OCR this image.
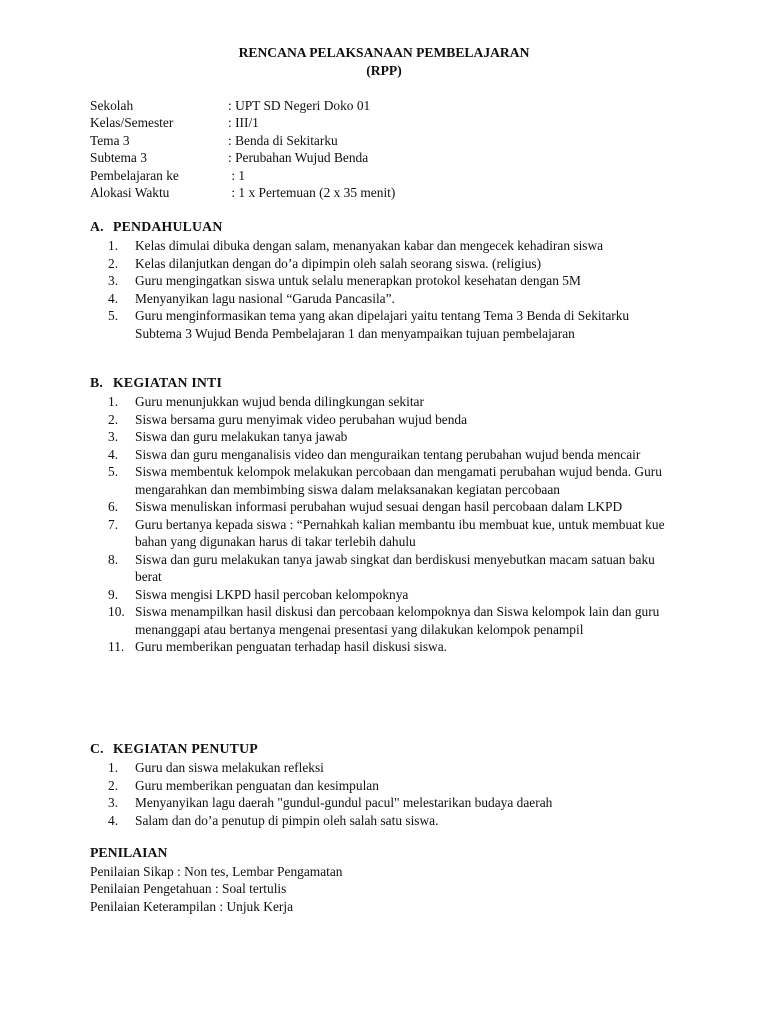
RENCANA PELAKSANAAN PEMBELAJARAN
(RPP)
Sekolah	: UPT SD Negeri Doko 01
Kelas/Semester	: III/1
Tema 3	: Benda di Sekitarku
Subtema 3	: Perubahan Wujud Benda
Pembelajaran ke	: 1
Alokasi Waktu	: 1 x Pertemuan (2 x 35 menit)
A. PENDAHULUAN
1.	Kelas dimulai dibuka dengan salam, menanyakan kabar dan mengecek kehadiran siswa
2.	Kelas dilanjutkan dengan do’a dipimpin oleh salah seorang siswa. (religius)
3.	Guru mengingatkan siswa untuk selalu menerapkan protokol kesehatan dengan 5M
4.	Menyanyikan lagu nasional “Garuda Pancasila”.
5.	Guru menginformasikan tema yang akan dipelajari yaitu tentang Tema 3 Benda di Sekitarku Subtema 3 Wujud Benda Pembelajaran 1 dan menyampaikan tujuan pembelajaran
B. KEGIATAN INTI
1.	Guru menunjukkan wujud benda dilingkungan sekitar
2.	Siswa bersama guru menyimak video perubahan wujud benda
3.	Siswa dan guru melakukan tanya jawab
4.	Siswa dan guru menganalisis video dan menguraikan tentang perubahan wujud benda mencair
5.	Siswa membentuk kelompok melakukan percobaan dan mengamati perubahan wujud benda. Guru mengarahkan dan membimbing siswa dalam melaksanakan kegiatan percobaan
6.	Siswa menuliskan informasi perubahan wujud sesuai dengan hasil percobaan dalam LKPD
7.	Guru bertanya kepada siswa : “Pernahkah kalian membantu ibu membuat kue, untuk membuat kue bahan yang digunakan harus di takar terlebih dahulu
8.	Siswa dan guru melakukan tanya jawab singkat dan berdiskusi menyebutkan macam satuan baku berat
9.	Siswa mengisi LKPD hasil percoban kelompoknya
10. Siswa menampilkan hasil diskusi dan percobaan kelompoknya dan Siswa kelompok lain dan guru menanggapi atau bertanya mengenai presentasi yang dilakukan kelompok penampil
11. Guru memberikan penguatan terhadap hasil diskusi siswa.
C. KEGIATAN PENUTUP
1.	Guru dan siswa melakukan refleksi
2.	Guru memberikan penguatan dan kesimpulan
3.	Menyanyikan lagu daerah "gundul-gundul pacul" melestarikan budaya daerah
4.	Salam dan do’a penutup di pimpin oleh salah satu siswa.
PENILAIAN
Penilaian Sikap : Non tes, Lembar Pengamatan
Penilaian Pengetahuan : Soal tertulis
Penilaian Keterampilan : Unjuk Kerja
